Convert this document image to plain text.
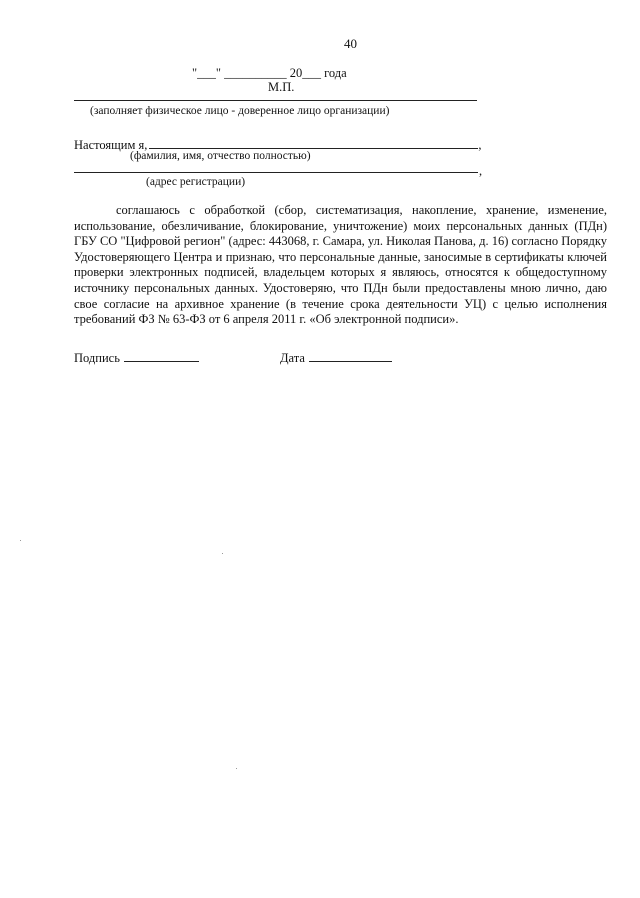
40
"___" __________ 20___ года
М.П.
(заполняет физическое лицо - доверенное лицо организации)
Настоящим я,	,
(фамилия, имя, отчество полностью)
,
(адрес регистрации)

соглашаюсь с обработкой (сбор, систематизация, накопление, хранение, изменение, использование, обезличивание, блокирование, уничтожение) моих персональных данных (ПДн) ГБУ СО "Цифровой регион" (адрес: 443068, г. Самара, ул. Николая Панова, д. 16) согласно Порядку Удостоверяющего Центра и признаю, что персональные данные, заносимые в сертификаты ключей проверки электронных подписей, владельцем которых я являюсь, относятся к общедоступному источнику персональных данных. Удостоверяю, что ПДн были предоставлены мною лично, даю свое согласие на архивное хранение (в течение срока деятельности УЦ) с целью исполнения требований ФЗ № 63-ФЗ от 6 апреля 2011 г. «Об электронной подписи».

Подпись	Дата
